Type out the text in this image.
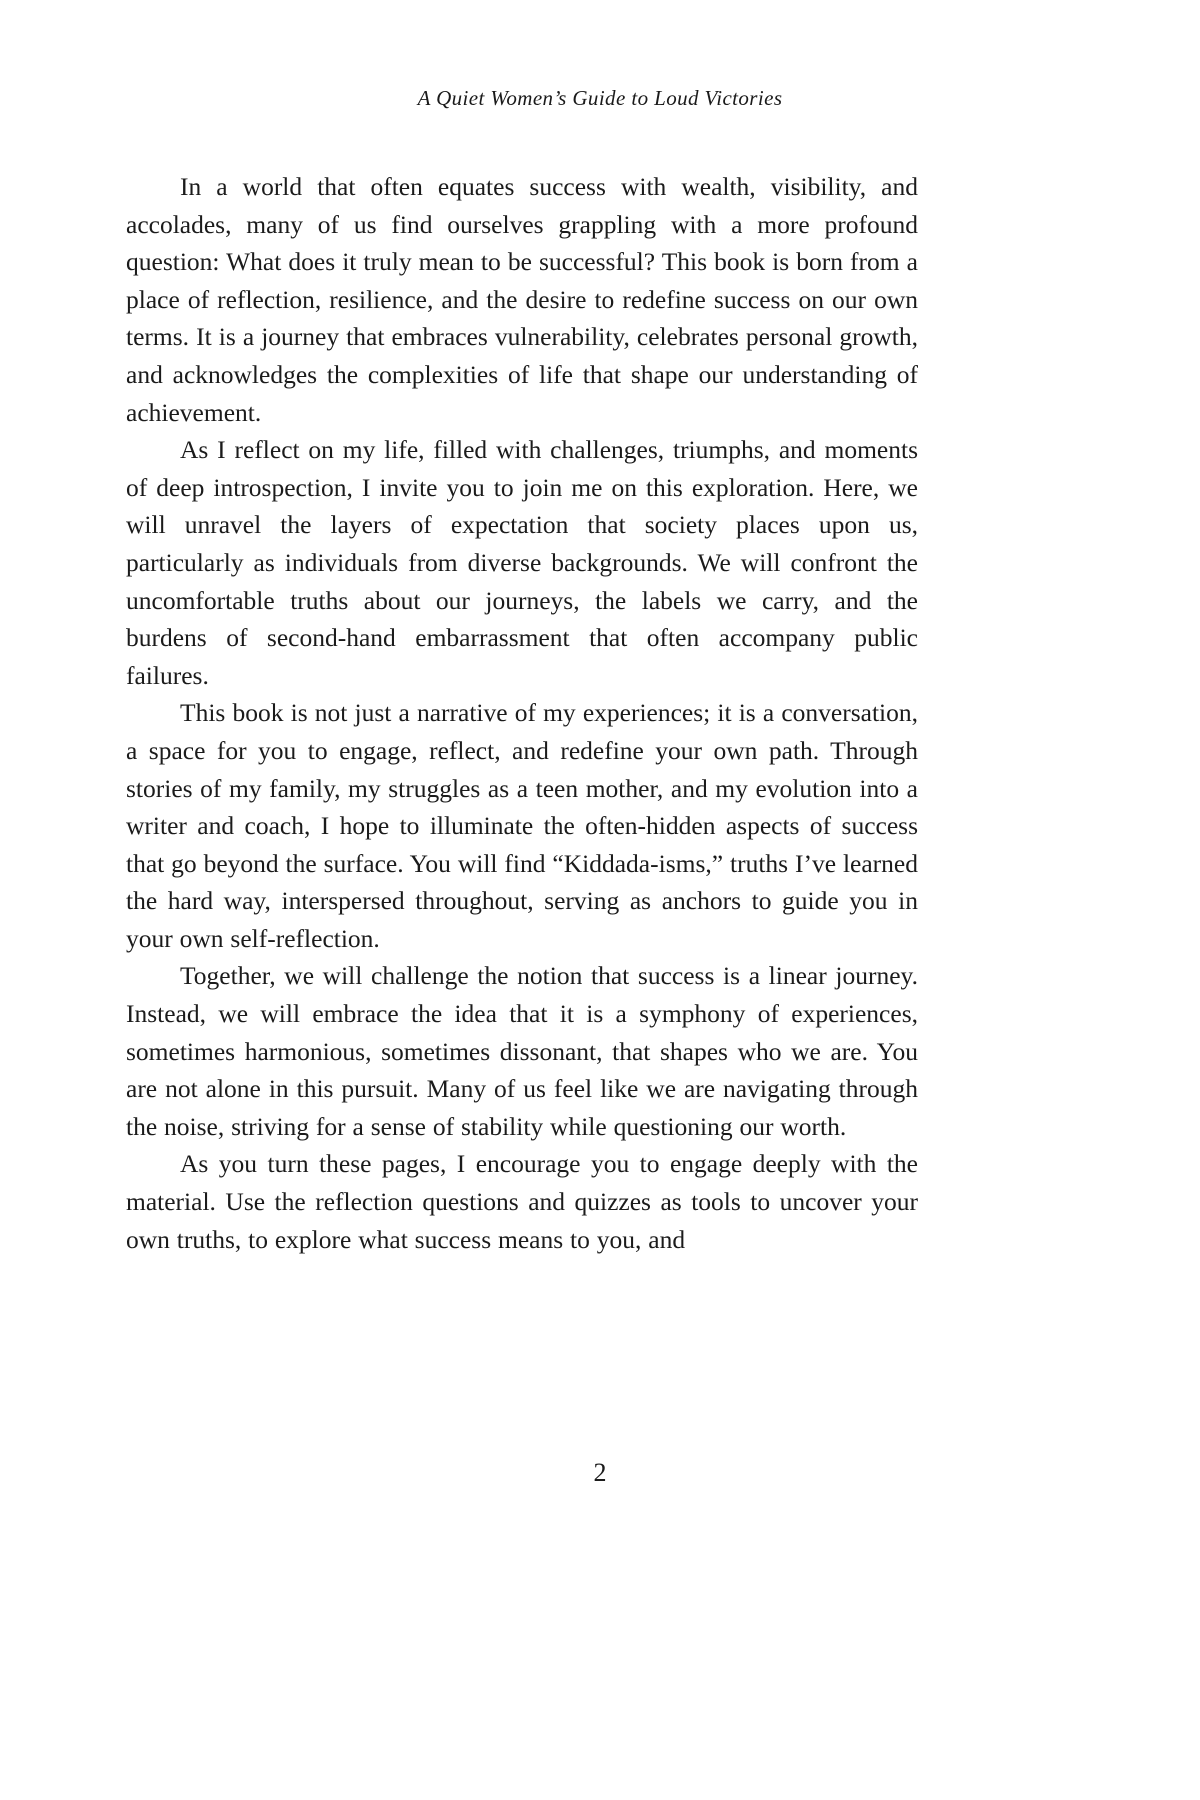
A Quiet Women’s Guide to Loud Victories

In a world that often equates success with wealth, visibility, and accolades, many of us find ourselves grappling with a more profound question: What does it truly mean to be successful? This book is born from a place of reflection, resilience, and the desire to redefine success on our own terms. It is a journey that embraces vulnerability, celebrates personal growth, and acknowledges the complexities of life that shape our understanding of achievement.

As I reflect on my life, filled with challenges, triumphs, and moments of deep introspection, I invite you to join me on this exploration. Here, we will unravel the layers of expectation that society places upon us, particularly as individuals from diverse backgrounds. We will confront the uncomfortable truths about our journeys, the labels we carry, and the burdens of second-hand embarrassment that often accompany public failures.

This book is not just a narrative of my experiences; it is a conversation, a space for you to engage, reflect, and redefine your own path. Through stories of my family, my struggles as a teen mother, and my evolution into a writer and coach, I hope to illuminate the often-hidden aspects of success that go beyond the surface. You will find “Kiddada-isms,” truths I’ve learned the hard way, interspersed throughout, serving as anchors to guide you in your own self-reflection.

Together, we will challenge the notion that success is a linear journey. Instead, we will embrace the idea that it is a symphony of experiences, sometimes harmonious, sometimes dissonant, that shapes who we are. You are not alone in this pursuit. Many of us feel like we are navigating through the noise, striving for a sense of stability while questioning our worth.

As you turn these pages, I encourage you to engage deeply with the material. Use the reflection questions and quizzes as tools to uncover your own truths, to explore what success means to you, and

2
